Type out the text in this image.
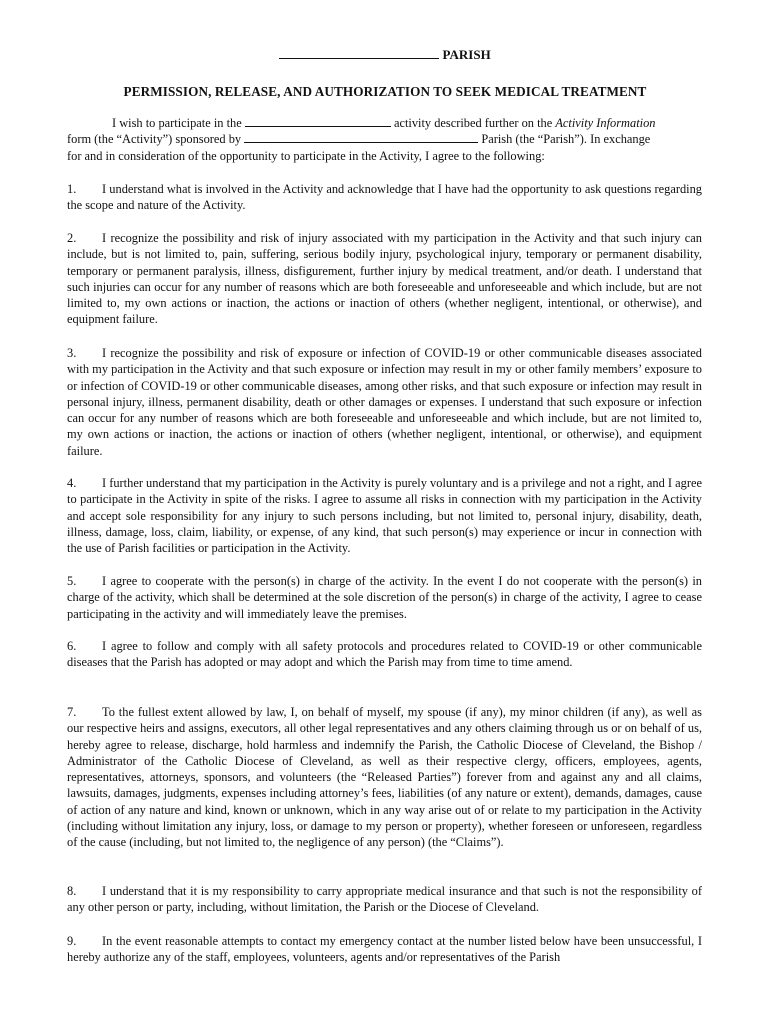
PARISH
PERMISSION, RELEASE, AND AUTHORIZATION TO SEEK MEDICAL TREATMENT

I wish to participate in the	activity described further on the Activity Information

form (the “Activity”) sponsored by	Parish (the “Parish”). In exchange

for and in consideration of the opportunity to participate in the Activity, I agree to the following:

1. I understand what is involved in the Activity and acknowledge that I have had the opportunity to ask questions regarding the scope and nature of the Activity.
2. I recognize the possibility and risk of injury associated with my participation in the Activity and that such injury can include, but is not limited to, pain, suffering, serious bodily injury, psychological injury, temporary or permanent disability, temporary or permanent paralysis, illness, disfigurement, further injury by medical treatment, and/or death. I understand that such injuries can occur for any number of reasons which are both foreseeable and unforeseeable and which include, but are not limited to, my own actions or inaction, the actions or inaction of others (whether negligent, intentional, or otherwise), and equipment failure.
3. I recognize the possibility and risk of exposure or infection of COVID-19 or other communicable diseases associated with my participation in the Activity and that such exposure or infection may result in my or other family members’ exposure to or infection of COVID-19 or other communicable diseases, among other risks, and that such exposure or infection may result in personal injury, illness, permanent disability, death or other damages or expenses. I understand that such exposure or infection can occur for any number of reasons which are both foreseeable and unforeseeable and which include, but are not limited to, my own actions or inaction, the actions or inaction of others (whether negligent, intentional, or otherwise), and equipment failure.
4. I further understand that my participation in the Activity is purely voluntary and is a privilege and not a right, and I agree to participate in the Activity in spite of the risks. I agree to assume all risks in connection with my participation in the Activity and accept sole responsibility for any injury to such persons including, but not limited to, personal injury, disability, death, illness, damage, loss, claim, liability, or expense, of any kind, that such person(s) may experience or incur in connection with the use of Parish facilities or participation in the Activity.
5. I agree to cooperate with the person(s) in charge of the activity. In the event I do not cooperate with the person(s) in charge of the activity, which shall be determined at the sole discretion of the person(s) in charge of the activity, I agree to cease participating in the activity and will immediately leave the premises.
6. I agree to follow and comply with all safety protocols and procedures related to COVID-19 or other communicable diseases that the Parish has adopted or may adopt and which the Parish may from time to time amend.
7. To the fullest extent allowed by law, I, on behalf of myself, my spouse (if any), my minor children (if any), as well as our respective heirs and assigns, executors, all other legal representatives and any others claiming through us or on behalf of us, hereby agree to release, discharge, hold harmless and indemnify the Parish, the Catholic Diocese of Cleveland, the Bishop / Administrator of the Catholic Diocese of Cleveland, as well as their respective clergy, officers, employees, agents, representatives, attorneys, sponsors, and volunteers (the “Released Parties”) forever from and against any and all claims, lawsuits, damages, judgments, expenses including attorney’s fees, liabilities (of any nature or extent), demands, damages, cause of action of any nature and kind, known or unknown, which in any way arise out of or relate to my participation in the Activity (including without limitation any injury, loss, or damage to my person or property), whether foreseen or unforeseen, regardless of the cause (including, but not limited to, the negligence of any person) (the “Claims”).
8. I understand that it is my responsibility to carry appropriate medical insurance and that such is not the responsibility of any other person or party, including, without limitation, the Parish or the Diocese of Cleveland.
9. In the event reasonable attempts to contact my emergency contact at the number listed below have been unsuccessful, I hereby authorize any of the staff, employees, volunteers, agents and/or representatives of the Parish
